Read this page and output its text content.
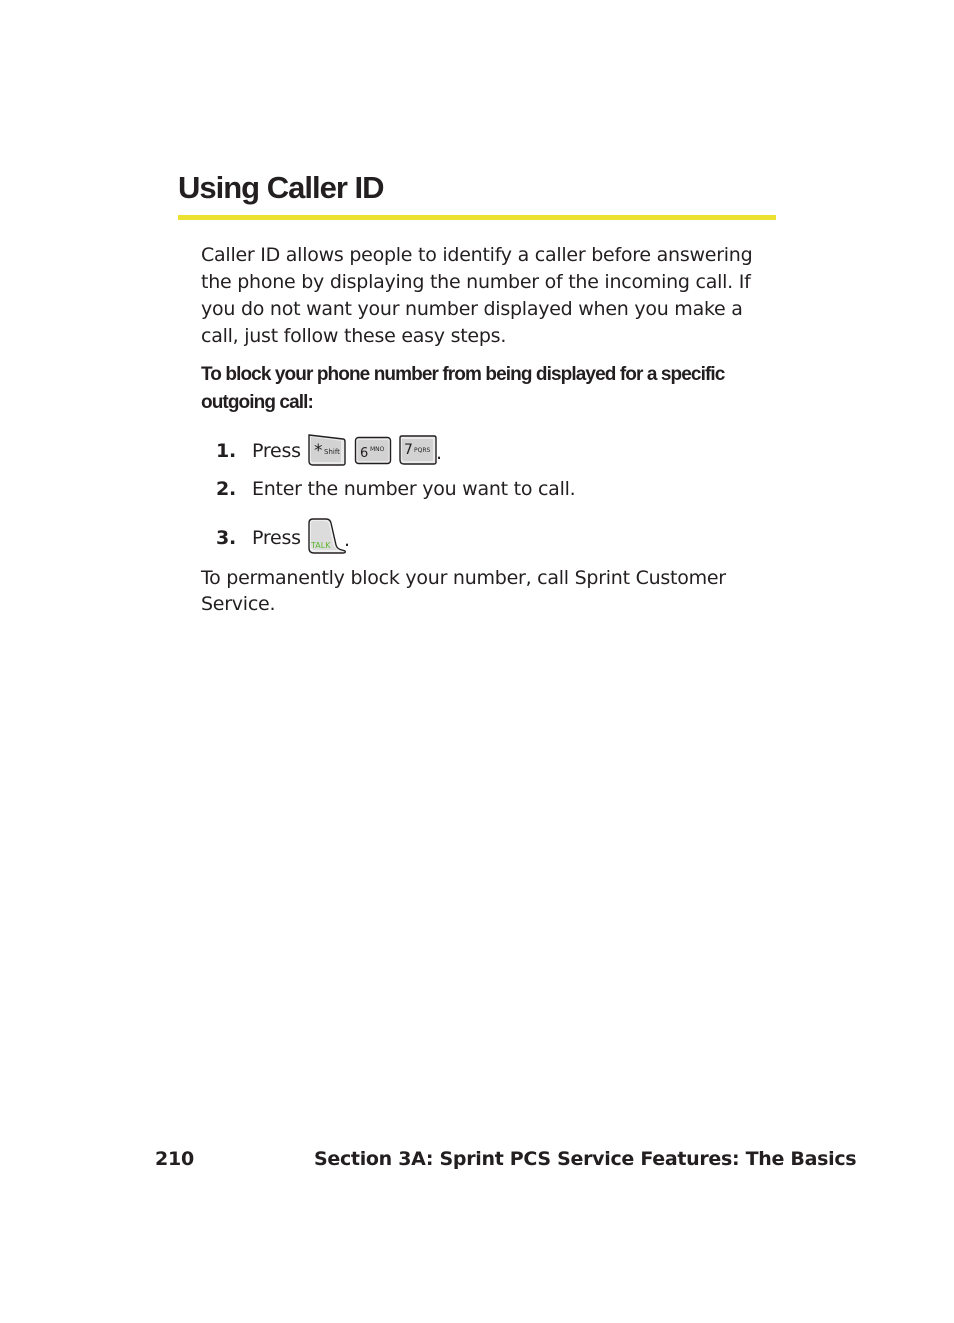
Using Caller ID

Caller ID allows people to identify a caller before answering the phone by displaying the number of the incoming call. If you do not want your number displayed when you make a call, just follow these easy steps.

To block your phone number from being displayed for a specific outgoing call:

1. Press * Shift 6 MNO 7 PQRS .
2. Enter the number you want to call.
3. Press TALK .

To permanently block your number, call Sprint Customer Service.

210	Section 3A: Sprint PCS Service Features: The Basics
